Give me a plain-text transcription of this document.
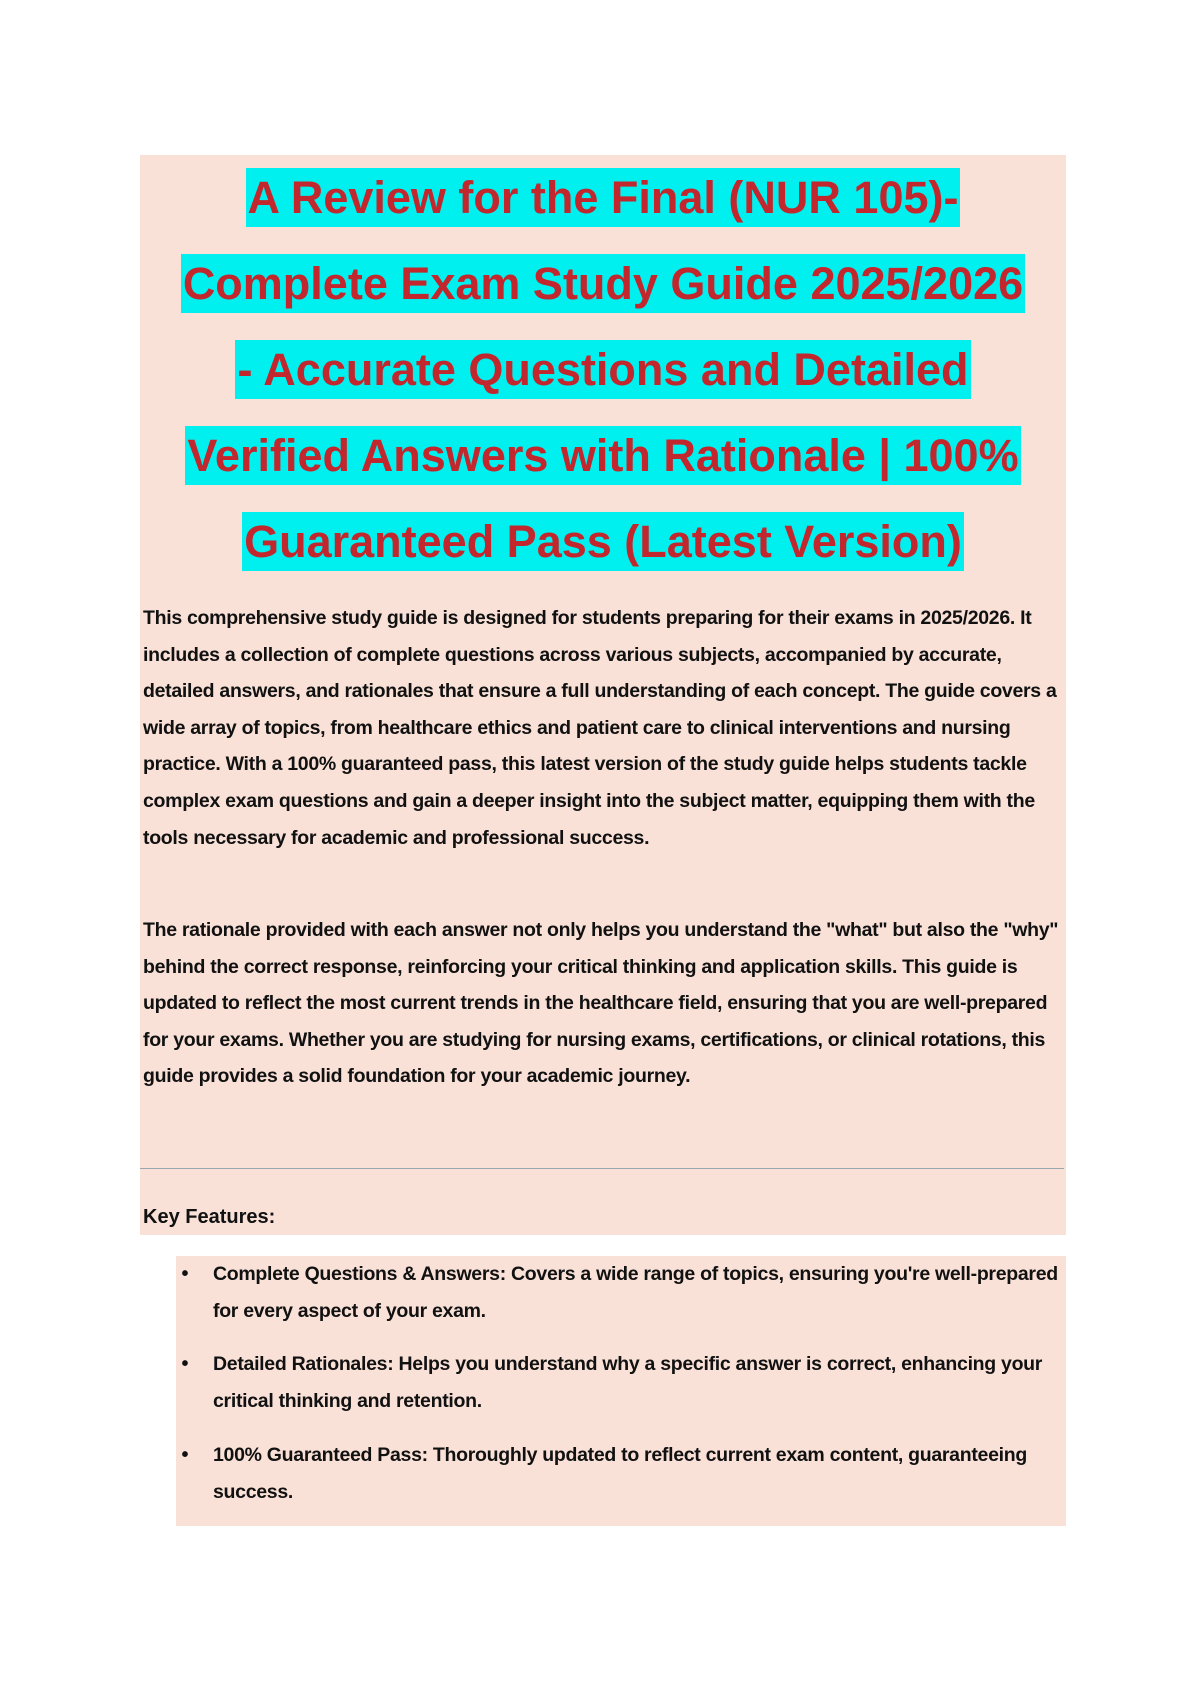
A Review for the Final (NUR 105)-
Complete Exam Study Guide 2025/2026
- Accurate Questions and Detailed
Verified Answers with Rationale | 100%
Guaranteed Pass (Latest Version)

This comprehensive study guide is designed for students preparing for their exams in 2025/2026. It includes a collection of complete questions across various subjects, accompanied by accurate, detailed answers, and rationales that ensure a full understanding of each concept. The guide covers a wide array of topics, from healthcare ethics and patient care to clinical interventions and nursing practice. With a 100% guaranteed pass, this latest version of the study guide helps students tackle complex exam questions and gain a deeper insight into the subject matter, equipping them with the tools necessary for academic and professional success.

The rationale provided with each answer not only helps you understand the "what" but also the "why" behind the correct response, reinforcing your critical thinking and application skills. This guide is updated to reflect the most current trends in the healthcare field, ensuring that you are well-prepared for your exams. Whether you are studying for nursing exams, certifications, or clinical rotations, this guide provides a solid foundation for your academic journey.

Key Features:

• Complete Questions & Answers: Covers a wide range of topics, ensuring you're well-prepared for every aspect of your exam.

• Detailed Rationales: Helps you understand why a specific answer is correct, enhancing your critical thinking and retention.

• 100% Guaranteed Pass: Thoroughly updated to reflect current exam content, guaranteeing success.
